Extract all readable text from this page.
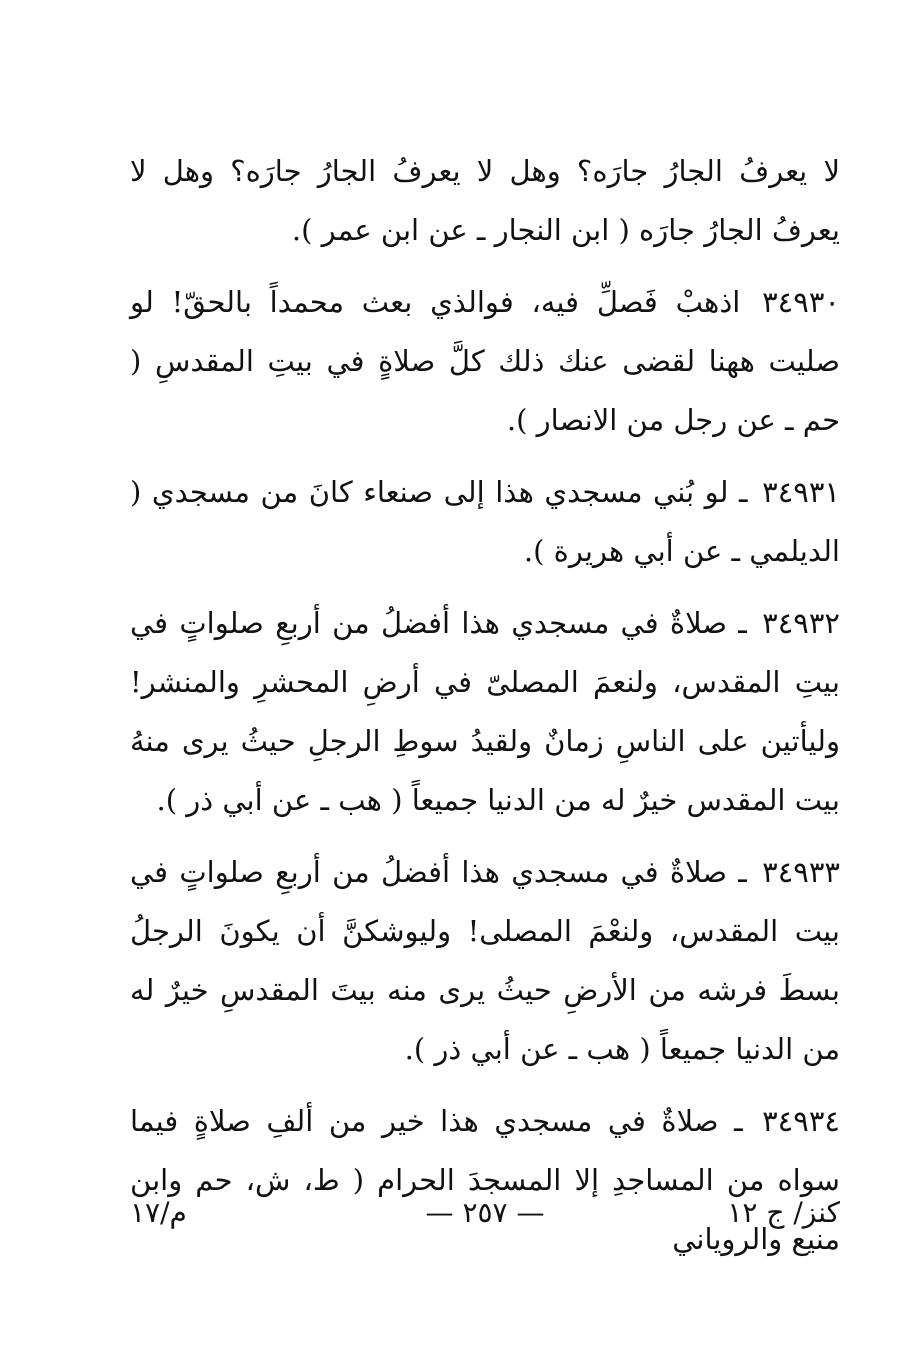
لا يعرفُ الجارُ جارَه؟ وهل لا يعرفُ الجارُ جارَه؟ وهل لا يعرفُ الجارُ جارَه ( ابن النجار ـ عن ابن عمر ).

٣٤٩٣٠ اذهبْ فَصلِّ فيه، فوالذي بعث محمداً بالحقّ! لو صليت ههنا لقضى عنك ذلك كلَّ صلاةٍ في بيتِ المقدسِ ( حم ـ عن رجل من الانصار ).

٣٤٩٣١ ـ لو بُني مسجدي هذا إلى صنعاء كانَ من مسجدي ( الديلمي ـ عن أبي هريرة ).

٣٤٩٣٢ ـ صلاةٌ في مسجدي هذا أفضلُ من أربعِ صلواتٍ في بيتِ المقدس، ولنعمَ المصلىّ في أرضِ المحشرِ والمنشر! وليأتين على الناسِ زمانٌ ولقيدُ سوطِ الرجلِ حيثُ يرى منهُ بيت المقدس خيرٌ له من الدنيا جميعاً ( هب ـ عن أبي ذر ).

٣٤٩٣٣ ـ صلاةٌ في مسجدي هذا أفضلُ من أربعِ صلواتٍ في بيت المقدس، ولنعْمَ المصلى! وليوشكنَّ أن يكونَ الرجلُ بسطَ فرشه من الأرضِ حيثُ يرى منه بيتَ المقدسِ خيرٌ له من الدنيا جميعاً ( هب ـ عن أبي ذر ).

٣٤٩٣٤ ـ صلاةٌ في مسجدي هذا خير من ألفِ صلاةٍ فيما سواه من المساجدِ إلا المسجدَ الحرام ( ط، ش، حم وابن منيع والروياني

كنز/ ج ١٢
— ٢٥٧ —
م/١٧
